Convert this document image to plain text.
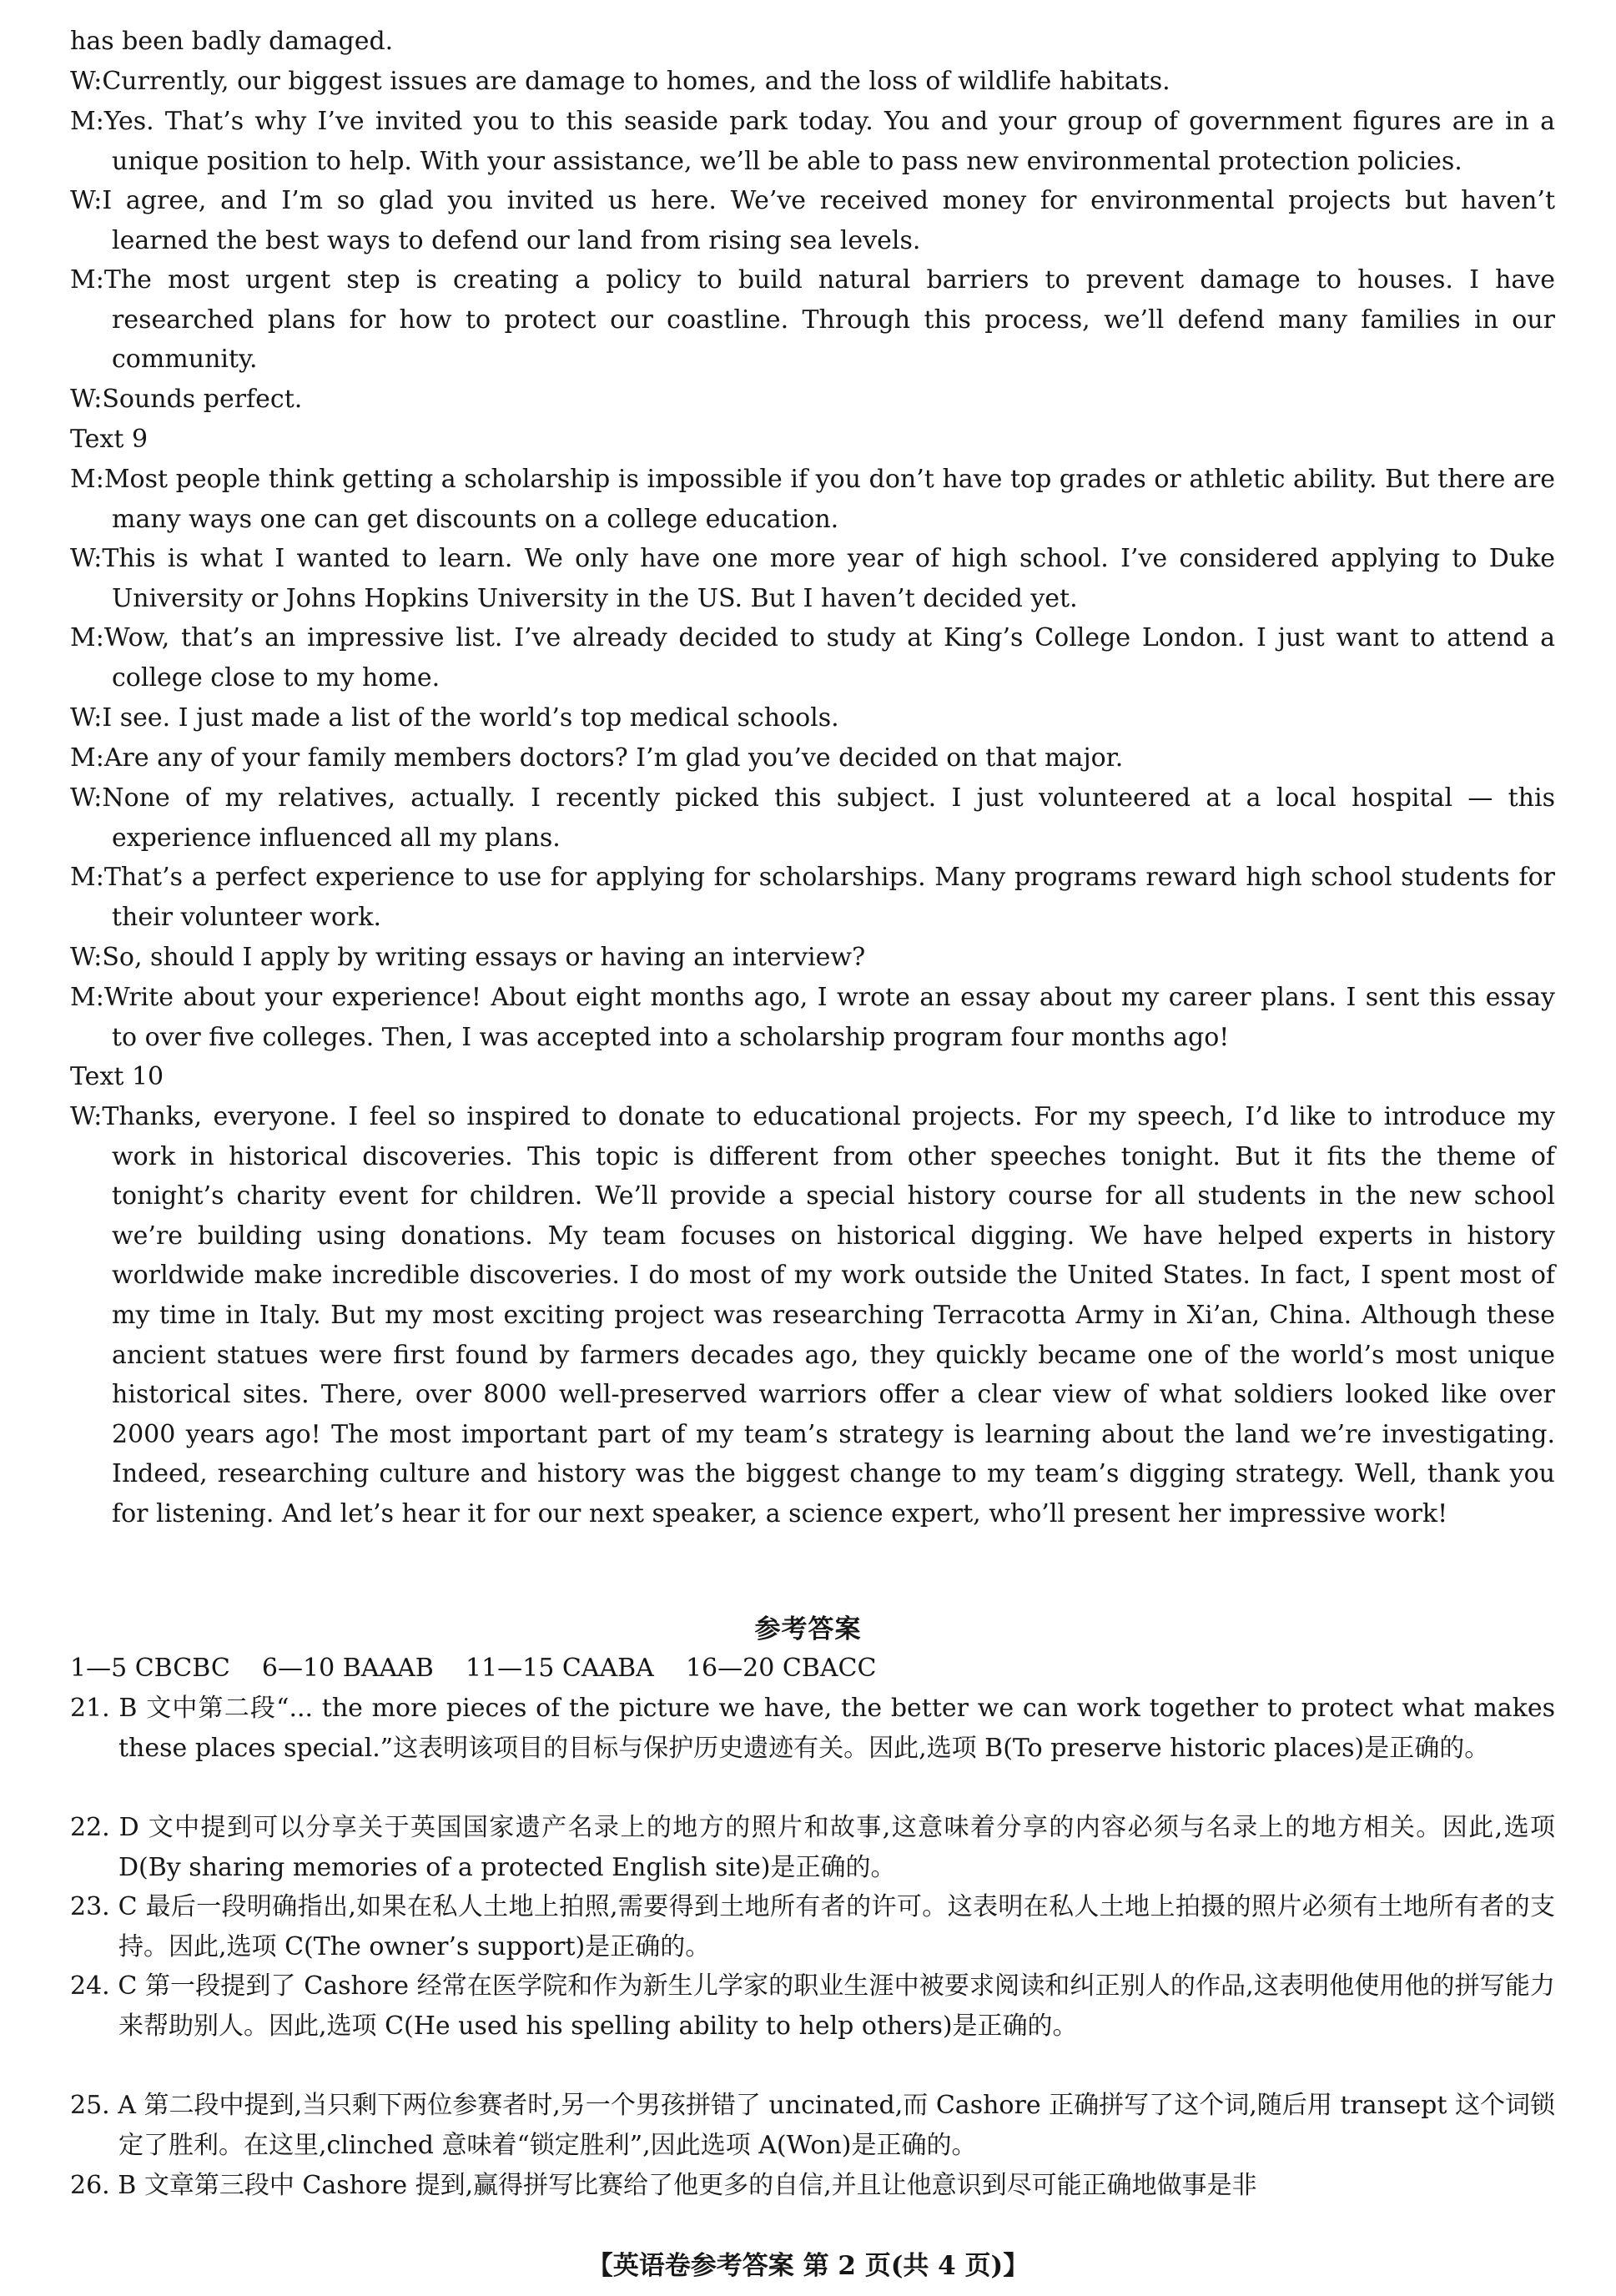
has been badly damaged.
W:Currently, our biggest issues are damage to homes, and the loss of wildlife habitats.
M:Yes. That’s why I’ve invited you to this seaside park today. You and your group of government figures are in a unique position to help. With your assistance, we’ll be able to pass new environmental protection policies.
W:I agree, and I’m so glad you invited us here. We’ve received money for environmental projects but haven’t learned the best ways to defend our land from rising sea levels.
M:The most urgent step is creating a policy to build natural barriers to prevent damage to houses. I have researched plans for how to protect our coastline. Through this process, we’ll defend many families in our community.
W:Sounds perfect.
Text 9
M:Most people think getting a scholarship is impossible if you don’t have top grades or athletic ability. But there are many ways one can get discounts on a college education.
W:This is what I wanted to learn. We only have one more year of high school. I’ve considered applying to Duke University or Johns Hopkins University in the US. But I haven’t decided yet.
M:Wow, that’s an impressive list. I’ve already decided to study at King’s College London. I just want to attend a college close to my home.
W:I see. I just made a list of the world’s top medical schools.
M:Are any of your family members doctors? I’m glad you’ve decided on that major.
W:None of my relatives, actually. I recently picked this subject. I just volunteered at a local hospital — this experience influenced all my plans.
M:That’s a perfect experience to use for applying for scholarships. Many programs reward high school students for their volunteer work.
W:So, should I apply by writing essays or having an interview?
M:Write about your experience! About eight months ago, I wrote an essay about my career plans. I sent this essay to over five colleges. Then, I was accepted into a scholarship program four months ago!
Text 10
W:Thanks, everyone. I feel so inspired to donate to educational projects. For my speech, I’d like to introduce my work in historical discoveries. This topic is different from other speeches tonight. But it fits the theme of tonight’s charity event for children. We’ll provide a special history course for all students in the new school we’re building using donations. My team focuses on historical digging. We have helped experts in history worldwide make incredible discoveries. I do most of my work outside the United States. In fact, I spent most of my time in Italy. But my most exciting project was researching Terracotta Army in Xi’an, China. Although these ancient statues were first found by farmers decades ago, they quickly became one of the world’s most unique historical sites. There, over 8000 well-preserved warriors offer a clear view of what soldiers looked like over 2000 years ago! The most important part of my team’s strategy is learning about the land we’re investigating. Indeed, researching culture and history was the biggest change to my team’s digging strategy. Well, thank you for listening. And let’s hear it for our next speaker, a science expert, who’ll present her impressive work!
参考答案
1—5 CBCBC    6—10 BAAAB    11—15 CAABA    16—20 CBACC
21. B 文中第二段“... the more pieces of the picture we have, the better we can work together to protect what makes these places special.”这表明该项目的目标与保护历史遗迹有关。因此,选项 B(To preserve historic places)是正确的。
22. D 文中提到可以分享关于英国国家遗产名录上的地方的照片和故事,这意味着分享的内容必须与名录上的地方相关。因此,选项 D(By sharing memories of a protected English site)是正确的。
23. C 最后一段明确指出,如果在私人土地上拍照,需要得到土地所有者的许可。这表明在私人土地上拍摄的照片必须有土地所有者的支持。因此,选项 C(The owner’s support)是正确的。
24. C 第一段提到了 Cashore 经常在医学院和作为新生儿学家的职业生涯中被要求阅读和纠正别人的作品,这表明他使用他的拼写能力来帮助别人。因此,选项 C(He used his spelling ability to help others)是正确的。
25. A 第二段中提到,当只剩下两位参赛者时,另一个男孩拼错了 uncinated,而 Cashore 正确拼写了这个词,随后用 transept 这个词锁定了胜利。在这里,clinched 意味着“锁定胜利”,因此选项 A(Won)是正确的。
26. B 文章第三段中 Cashore 提到,赢得拼写比赛给了他更多的自信,并且让他意识到尽可能正确地做事是非
【英语卷参考答案 第 2 页(共 4 页)】
